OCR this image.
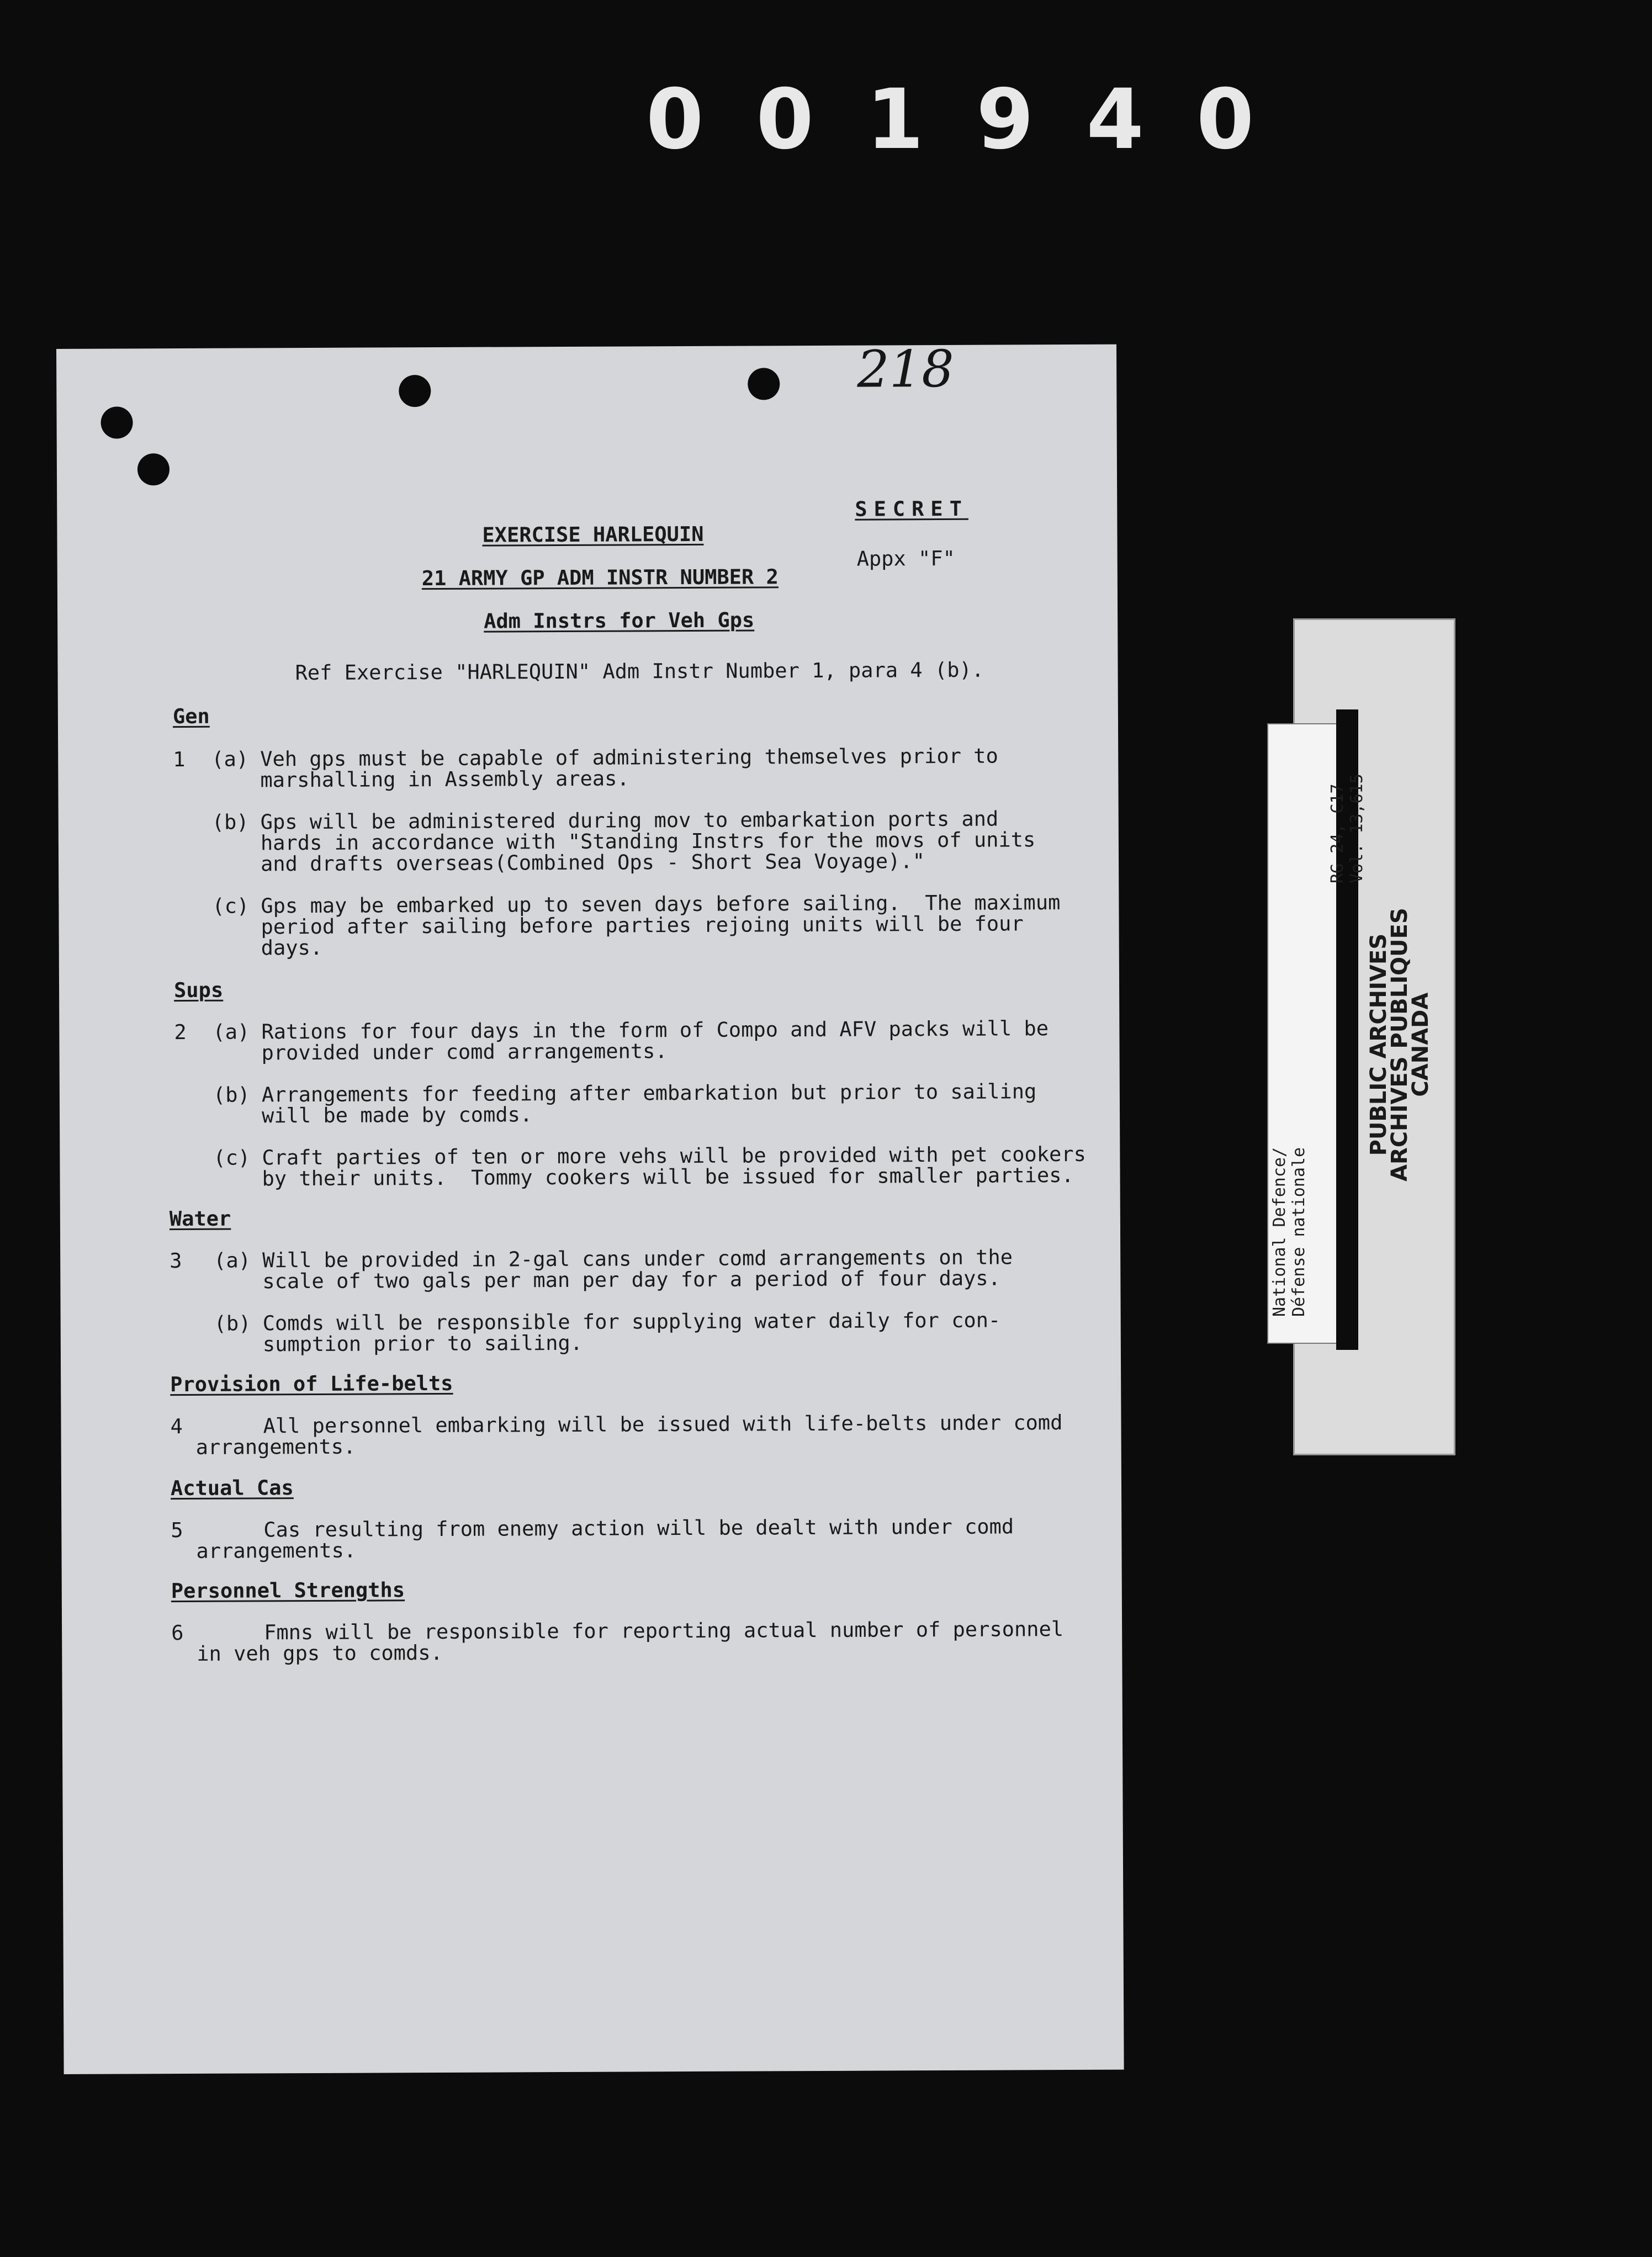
001940
218

SECRET

EXERCISE HARLEQUIN

Appx "F"

21 ARMY GP ADM INSTR NUMBER 2

Adm Instrs for Veh Gps

Ref Exercise "HARLEQUIN" Adm Instr Number 1, para 4 (b).

Gen

1 (a) Veh gps must be capable of administering themselves prior to

marshalling in Assembly areas.

(b) Gps will be administered during mov to embarkation ports and

hards in accordance with "Standing Instrs for the movs of units

and drafts overseas(Combined Ops - Short Sea Voyage)."

(c) Gps may be embarked up to seven days before sailing.  The maximum

period after sailing before parties rejoing units will be four

days.

Sups

2 (a) Rations for four days in the form of Compo and AFV packs will be

provided under comd arrangements.

(b) Arrangements for feeding after embarkation but prior to sailing

will be made by comds.

(c) Craft parties of ten or more vehs will be provided with pet cookers

by their units.  Tommy cookers will be issued for smaller parties.

Water

3 (a) Will be provided in 2-gal cans under comd arrangements on the

scale of two gals per man per day for a period of four days.

(b) Comds will be responsible for supplying water daily for con-

sumption prior to sailing.

Provision of Life-belts

4	All personnel embarking will be issued with life-belts under comd

arrangements.

Actual Cas

5	Cas resulting from enemy action will be dealt with under comd

arrangements.

Personnel Strengths

6	Fmns will be responsible for reporting actual number of personnel

in veh gps to comds.

RG 24, C17 Vol. 13,615
National Defence/ Défense nationale
PUBLIC ARCHIVES
ARCHIVES PUBLIQUES
CANADA
